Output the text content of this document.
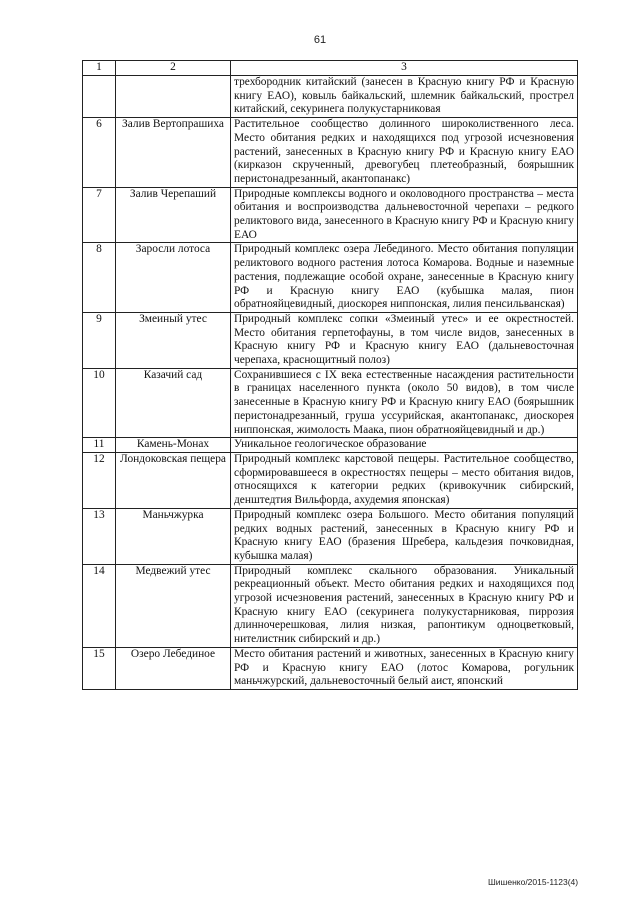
61
1	2	3
		трехбородник китайский (занесен в Красную книгу РФ и Красную книгу ЕАО), ковыль байкальский, шлемник байкальский, прострел китайский, секуринега полукустарниковая
6	Залив Вертопрашиха	Растительное сообщество долинного широколиственного леса. Место обитания редких и находящихся под угрозой исчезновения растений, занесенных в Красную книгу РФ и Красную книгу ЕАО (кирказон скрученный, древогубец плетеобразный, боярышник перистонадрезанный, акантопанакс)
7	Залив Черепаший	Природные комплексы водного и околоводного пространства – места обитания и воспроизводства дальневосточной черепахи – редкого реликтового вида, занесенного в Красную книгу РФ и Красную книгу ЕАО
8	Заросли лотоса	Природный комплекс озера Лебединого. Место обитания популяции реликтового водного растения лотоса Комарова. Водные и наземные растения, подлежащие особой охране, занесенные в Красную книгу РФ и Красную книгу ЕАО (кубышка малая, пион обратнояйцевидный, диоскорея ниппонская, лилия пенсильванская)
9	Змеиный утес	Природный комплекс сопки «Змеиный утес» и ее окрестностей. Место обитания герпетофауны, в том числе видов, занесенных в Красную книгу РФ и Красную книгу ЕАО (дальневосточная черепаха, краснощитный полоз)
10	Казачий сад	Сохранившиеся с IX века естественные насаждения растительности в границах населенного пункта (около 50 видов), в том числе занесенные в Красную книгу РФ и Красную книгу ЕАО (боярышник перистонадрезанный, груша уссурийская, акантопанакс, диоскорея ниппонская, жимолость Маака, пион обратнояйцевидный и др.)
11	Камень-Монах	Уникальное геологическое образование
12	Лондоковская пещера	Природный комплекс карстовой пещеры. Растительное сообщество, сформировавшееся в окрестностях пещеры – место обитания видов, относящихся к категории редких (кривокучник сибирский, денштедтия Вильфорда, ахудемия японская)
13	Маньчжурка	Природный комплекс озера Большого. Место обитания популяций редких водных растений, занесенных в Красную книгу РФ и Красную книгу ЕАО (бразения Шребера, кальдезия почковидная, кубышка малая)
14	Медвежий утес	Природный комплекс скального образования. Уникальный рекреационный объект. Место обитания редких и находящихся под угрозой исчезновения растений, занесенных в Красную книгу РФ и Красную книгу ЕАО (секуринега полукустарниковая, пиррозия длинночерешковая, лилия низкая, рапонтикум одноцветковый, нителистник сибирский и др.)
15	Озеро Лебединое	Место обитания растений и животных, занесенных в Красную книгу РФ и Красную книгу ЕАО (лотос Комарова, рогульник маньчжурский, дальневосточный белый аист, японский
Шишенко/2015-1123(4)
